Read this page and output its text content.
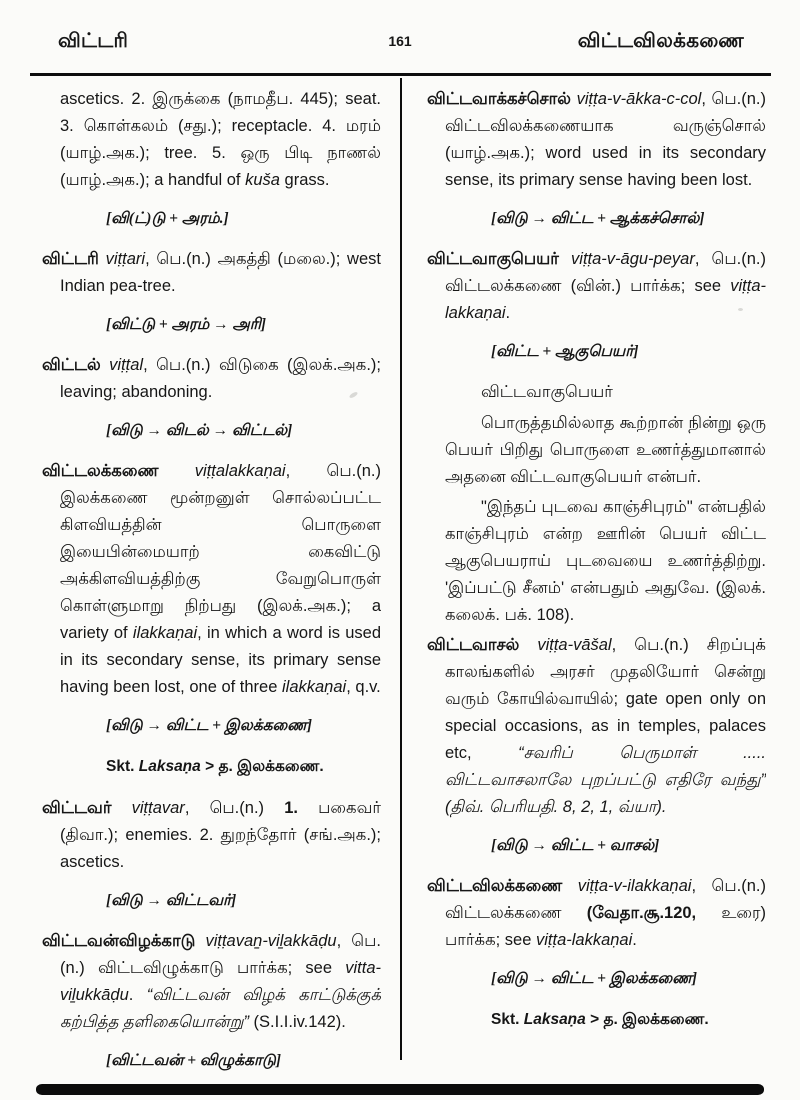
விட்டரி	161	விட்டவிலக்கணை
ascetics. 2. இருக்கை (நாமதீப. 445); seat. 3. கொள்கலம் (சது.); receptacle. 4. மரம் (யாழ்.அக.); tree. 5. ஒரு பிடி நாணல் (யாழ்.அக.); a handful of kuša grass.
[வி(ட்)டு + அரம்.]
விட்டரி viṭṭari, பெ.(n.) அகத்தி (மலை.); west Indian pea-tree.
[விட்டு + அரம் → அரி]
விட்டல் viṭṭal, பெ.(n.) விடுகை (இலக்.அக.); leaving; abandoning.
[விடு → விடல் → விட்டல்]
விட்டலக்கணை viṭṭalakkaṇai, பெ.(n.) இலக்கணை மூன்றனுள் சொல்லப்பட்ட கிளவியத்தின் பொருளை இயைபின்மையாற் கைவிட்டு அக்கிளவியத்திற்கு வேறுபொருள் கொள்ளுமாறு நிற்பது (இலக்.அக.); a variety of ilakkaṇai, in which a word is used in its secondary sense, its primary sense having been lost, one of three ilakkaṇai, q.v.
[விடு → விட்ட + இலக்கணை]
Skt. Laksaṇa > த. இலக்கணை.
விட்டவர் viṭṭavar, பெ.(n.) 1. பகைவர் (திவா.); enemies. 2. துறந்தோர் (சங்.அக.); ascetics.
[விடு → விட்டவர்]
விட்டவன்விழக்காடு viṭṭavaṉ-viḻakkāḍu, பெ.(n.) விட்டவிழுக்காடு பார்க்க; see vitta-viḻukkāḍu. “விட்டவன் விழக் காட்டுக்குக் கற்பித்த தளிகையொன்று” (S.I.I.iv.142).
[விட்டவன் + விழுக்காடு]
விட்டவாக்கச்சொல் viṭṭa-v-ākka-c-col, பெ.(n.) விட்டவிலக்கணையாக வருஞ்சொல் (யாழ்.அக.); word used in its secondary sense, its primary sense having been lost.
[விடு → விட்ட + ஆக்கச்சொல்]
விட்டவாகுபெயர் viṭṭa-v-āgu-peyar, பெ.(n.) விட்டலக்கணை (வின்.) பார்க்க; see viṭṭa-lakkaṇai.
[விட்ட + ஆகுபெயர்]
விட்டவாகுபெயர்
பொருத்தமில்லாத கூற்றான் நின்று ஒரு பெயர் பிறிது பொருளை உணர்த்துமானால் அதனை விட்டவாகுபெயர் என்பர்.
"இந்தப் புடவை காஞ்சிபுரம்" என்பதில் காஞ்சிபுரம் என்ற ஊரின் பெயர் விட்ட ஆகுபெயராய் புடவையை உணர்த்திற்று. 'இப்பட்டு சீனம்' என்பதும் அதுவே. (இலக். கலைக். பக். 108).
விட்டவாசல் viṭṭa-vāšal, பெ.(n.) சிறப்புக் காலங்களில் அரசர் முதலியோர் சென்று வரும் கோயில்வாயில்; gate open only on special occasions, as in temples, palaces etc, “சவரிப் பெருமாள் ..... விட்டவாசலாலே புறப்பட்டு எதிரே வந்து” (திவ். பெரியதி. 8, 2, 1, வ்யா).
[விடு → விட்ட + வாசல்]
விட்டவிலக்கணை viṭṭa-v-ilakkaṇai, பெ.(n.) விட்டலக்கணை (வேதா.சூ.120, உரை) பார்க்க; see viṭṭa-lakkaṇai.
[விடு → விட்ட + இலக்கணை]
Skt. Laksaṇa > த. இலக்கணை.
